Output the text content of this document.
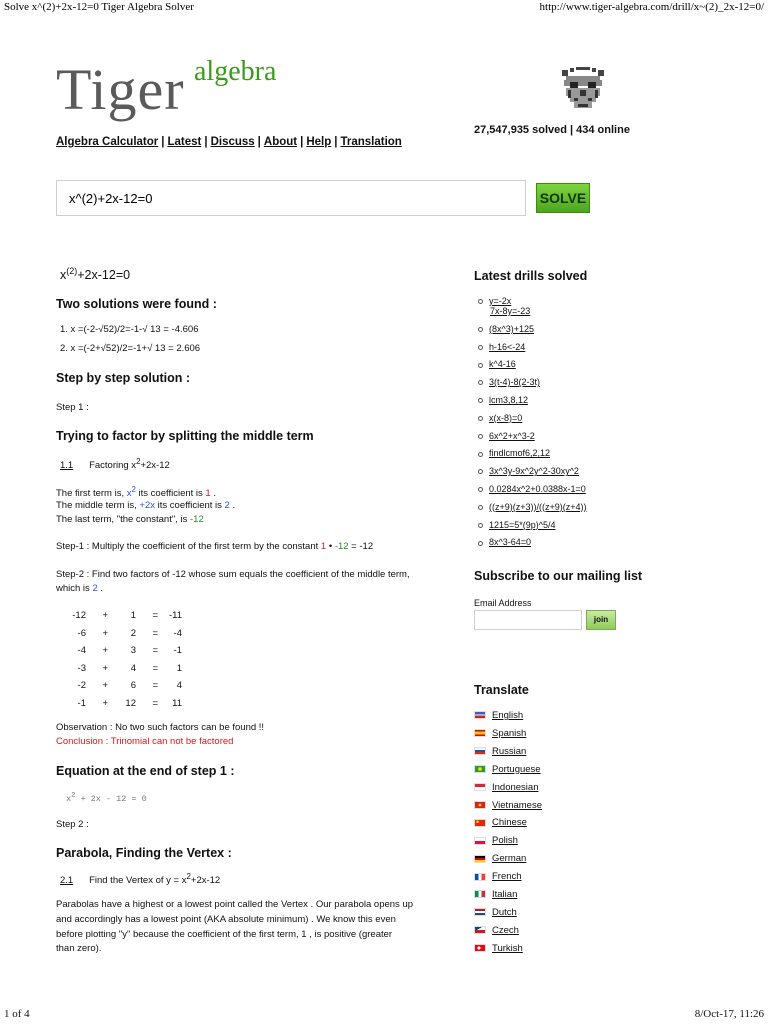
Solve x^(2)+2x-12=0 Tiger Algebra Solver	http://www.tiger-algebra.com/drill/x~(2)_2x-12=0/
Tiger algebra
27,547,935 solved | 434 online
Algebra Calculator | Latest | Discuss | About | Help | Translation
x^(2)+2x-12=0
SOLVE
$x^{(2)}+2x-12=0$
Two solutions were found :
1. x =(-2-√52)/2=-1-√ 13 = -4.606
2. x =(-2+√52)/2=-1+√ 13 = 2.606
Step by step solution :
Step 1 :
Trying to factor by splitting the middle term
1.1 Factoring $x^2+2x-12$
The first term is, $x^2$ its coefficient is 1 .
The middle term is, +2x its coefficient is 2 .
The last term, "the constant", is -12
Step-1 : Multiply the coefficient of the first term by the constant 1 • -12 = -12
Step-2 : Find two factors of -12 whose sum equals the coefficient of the middle term,
which is 2 .
-12	+	1	= -11
-6	+	2	=	-4
-4	+	3	=	-1
-3	+	4	=	1
-2	+	6	=	4
-1	+	12	=	11
Observation : No two such factors can be found !!
Conclusion : Trinomial can not be factored
Equation at the end of step 1 :
$x^2 + 2x - 12 = 0$
Step 2 :
Parabola, Finding the Vertex :
2.1 Find the Vertex of $y = x^2+2x-12$
Parabolas have a highest or a lowest point called the Vertex . Our parabola opens up
and accordingly has a lowest point (AKA absolute minimum) . We know this even
before plotting "y" because the coefficient of the first term, 1 , is positive (greater
than zero).
Latest drills solved
y=-2x
7x-8y=-23
(8x^3)+125
h-16<-24
k^4-16
3(t-4)-8(2-3t)
lcm3,8,12
x(x-8)=0
6x^2+x^3-2
findlcmof6,2,12
3x^3y-9x^2y^2-30xy^2
0.0284x^2+0.0388x-1=0
((z+9)(z+3))/((z+9)(z+4))
1215=5*(9p)^5/4
8x^3-64=0
Subscribe to our mailing list
Email Address
join
Translate
English
Spanish
Russian
Portuguese
Indonesian
Vietnamese
Chinese
Polish
German
French
Italian
Dutch
Czech
Turkish
1 of 4	8/Oct-17, 11:26
